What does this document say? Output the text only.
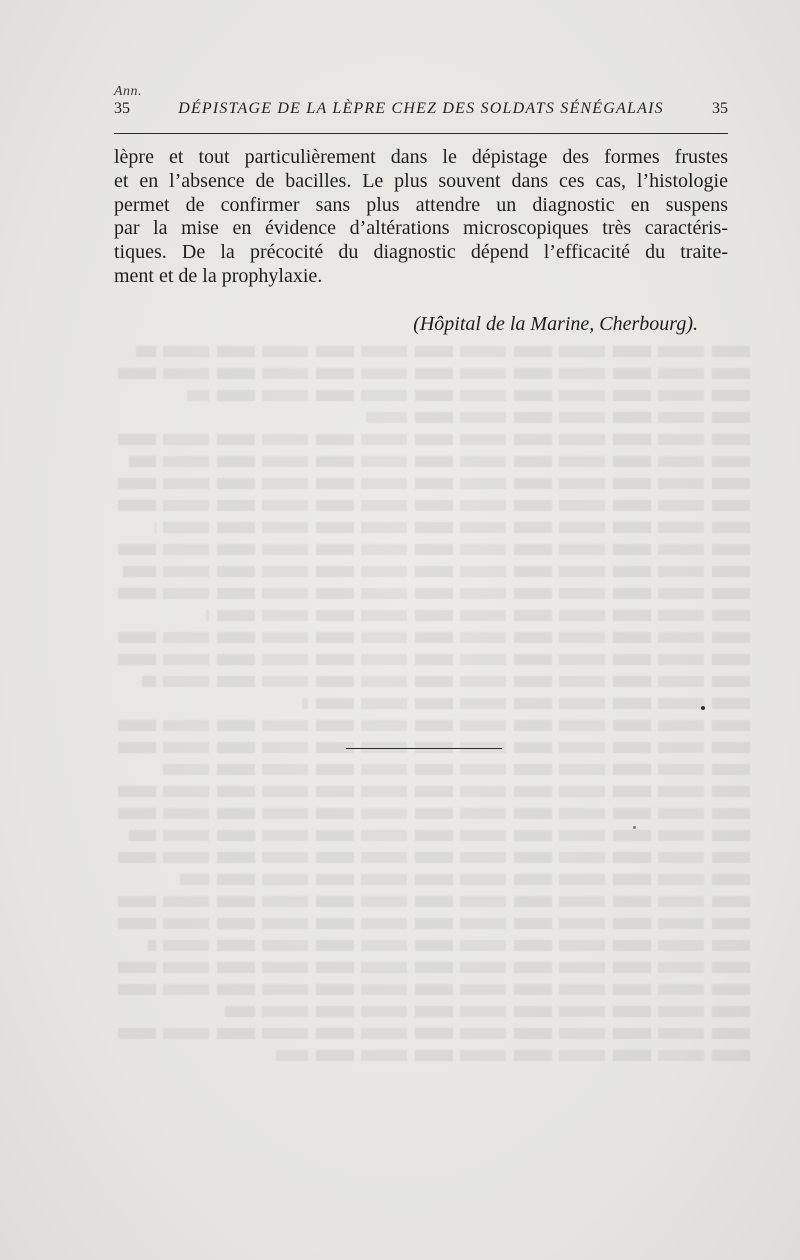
Ann.
35	DÉPISTAGE DE LA LÈPRE CHEZ DES SOLDATS SÉNÉGALAIS	35
lèpre et tout particulièrement dans le dépistage des formes frustes
et en l’absence de bacilles. Le plus souvent dans ces cas, l’histologie
permet de confirmer sans plus attendre un diagnostic en suspens
par la mise en évidence d’altérations microscopiques très caractéris-
tiques. De la précocité du diagnostic dépend l’efficacité du traite-
ment et de la prophylaxie.
(Hôpital de la Marine, Cherbourg).
